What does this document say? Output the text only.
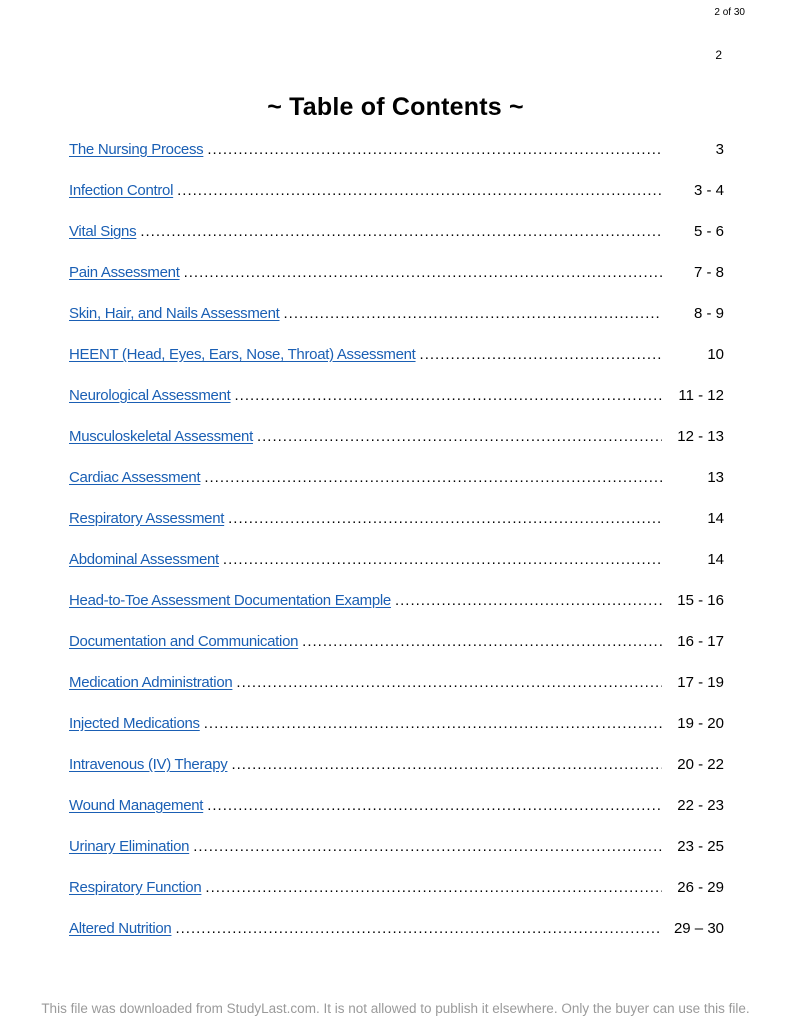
2 of 30
2
~ Table of Contents ~
The Nursing Process .....	3
Infection Control .....	3 - 4
Vital Signs .....	5 - 6
Pain Assessment .....	7 - 8
Skin, Hair, and Nails Assessment .....	8 - 9
HEENT (Head, Eyes, Ears, Nose, Throat) Assessment .....	10
Neurological Assessment .....	11 - 12
Musculoskeletal Assessment .....	12 - 13
Cardiac Assessment .....	13
Respiratory Assessment .....	14
Abdominal Assessment .....	14
Head-to-Toe Assessment Documentation Example .....	15 - 16
Documentation and Communication .....	16 - 17
Medication Administration .....	17 - 19
Injected Medications .....	19 - 20
Intravenous (IV) Therapy .....	20 - 22
Wound Management .....	22 - 23
Urinary Elimination .....	23 - 25
Respiratory Function .....	26 - 29
Altered Nutrition .....	29 – 30
This file was downloaded from StudyLast.com. It is not allowed to publish it elsewhere. Only the buyer can use this file.
